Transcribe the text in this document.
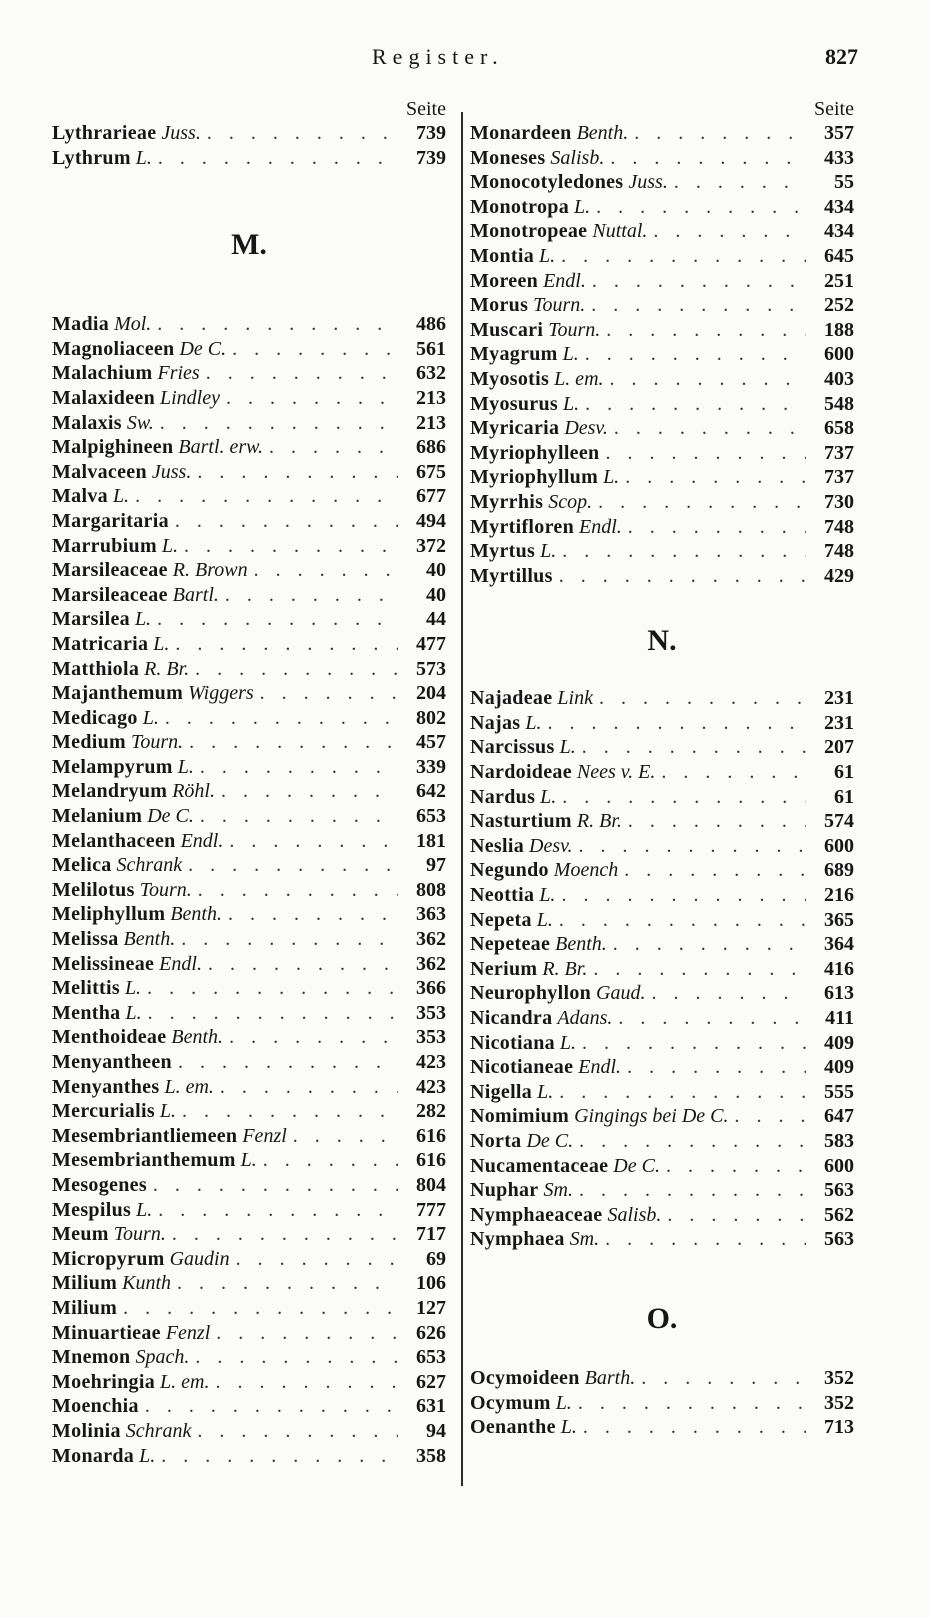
Register.	827
Seite
Lythrarieae Juss. . . .	739
Lythrum L. . . .	739
M.
Madia Mol. . . .	486
Magnoliaceen De C. . . .	561
Malachium Fries . . .	632
Malaxideen Lindley . . .	213
Malaxis Sw. . . .	213
Malpighineen Bartl. erw. . . .	686
Malvaceen Juss. . . .	675
Malva L. . . .	677
Margaritaria . . .	494
Marrubium L. . . .	372
Marsileaceae R. Brown . . .	40
Marsileaceae Bartl. . . .	40
Marsilea L. . . .	44
Matricaria L. . . .	477
Matthiola R. Br. . . .	573
Majanthemum Wiggers . . .	204
Medicago L. . . .	802
Medium Tourn. . . .	457
Melampyrum L. . . .	339
Melandryum Röhl. . . .	642
Melanium De C. . . .	653
Melanthaceen Endl. . . .	181
Melica Schrank . . .	97
Melilotus Tourn. . . .	808
Meliphyllum Benth. . . .	363
Melissa Benth. . . .	362
Melissineae Endl. . . .	362
Melittis L. . . .	366
Mentha L. . . .	353
Menthoideae Benth. . . .	353
Menyantheen . . .	423
Menyanthes L. em. . . .	423
Mercurialis L. . . .	282
Mesembriantliemeen Fenzl . . .	616
Mesembrianthemum L. . . .	616
Mesogenes . . .	804
Mespilus L. . . .	777
Meum Tourn. . . .	717
Micropyrum Gaudin . . .	69
Milium Kunth . . .	106
Milium . . .	127
Minuartieae Fenzl . . .	626
Mnemon Spach. . . .	653
Moehringia L. em. . . .	627
Moenchia . . .	631
Molinia Schrank . . .	94
Monarda L. . . .	358
Seite
Monardeen Benth. . . .	357
Moneses Salisb. . . .	433
Monocotyledones Juss. . . .	55
Monotropa L. . . .	434
Monotropeae Nuttal. . . .	434
Montia L. . . .	645
Moreen Endl. . . .	251
Morus Tourn. . . .	252
Muscari Tourn. . . .	188
Myagrum L. . . .	600
Myosotis L. em. . . .	403
Myosurus L. . . .	548
Myricaria Desv. . . .	658
Myriophylleen . . .	737
Myriophyllum L. . . .	737
Myrrhis Scop. . . .	730
Myrtifloren Endl. . . .	748
Myrtus L. . . .	748
Myrtillus . . .	429
N.
Najadeae Link . . .	231
Najas L. . . .	231
Narcissus L. . . .	207
Nardoideae Nees v. E. . . .	61
Nardus L. . . .	61
Nasturtium R. Br. . . .	574
Neslia Desv. . . .	600
Negundo Moench . . .	689
Neottia L. . . .	216
Nepeta L. . . .	365
Nepeteae Benth. . . .	364
Nerium R. Br. . . .	416
Neurophyllon Gaud. . . .	613
Nicandra Adans. . . .	411
Nicotiana L. . . .	409
Nicotianeae Endl. . . .	409
Nigella L. . . .	555
Nomimium Gingings bei De C. . . .	647
Norta De C. . . .	583
Nucamentaceae De C. . . .	600
Nuphar Sm. . . .	563
Nymphaeaceae Salisb. . . .	562
Nymphaea Sm. . . .	563
O.
Ocymoideen Barth. . . .	352
Ocymum L. . . .	352
Oenanthe L. . . .	713
